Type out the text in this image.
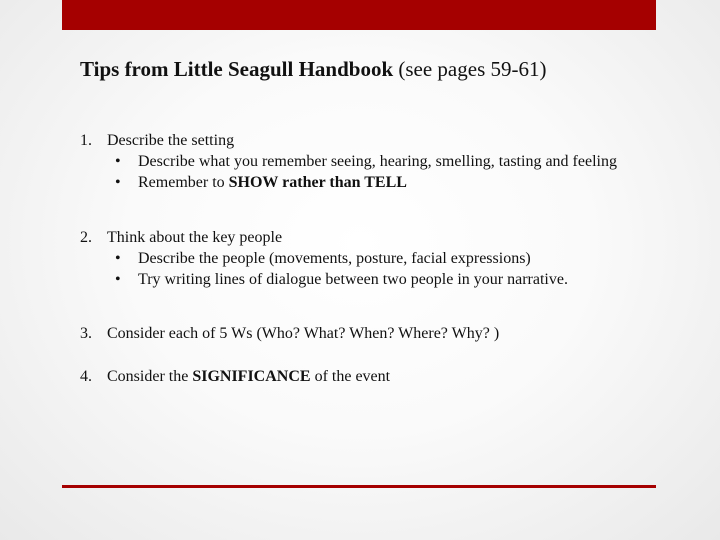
Tips from Little Seagull Handbook (see pages 59-61)
1. Describe the setting
• Describe what you remember seeing, hearing, smelling, tasting and feeling
• Remember to SHOW rather than TELL
2. Think about the key people
• Describe the people (movements, posture, facial expressions)
• Try writing lines of dialogue between two people in your narrative.
3. Consider each of 5 Ws (Who? What? When? Where? Why? )
4. Consider the SIGNIFICANCE of the event
